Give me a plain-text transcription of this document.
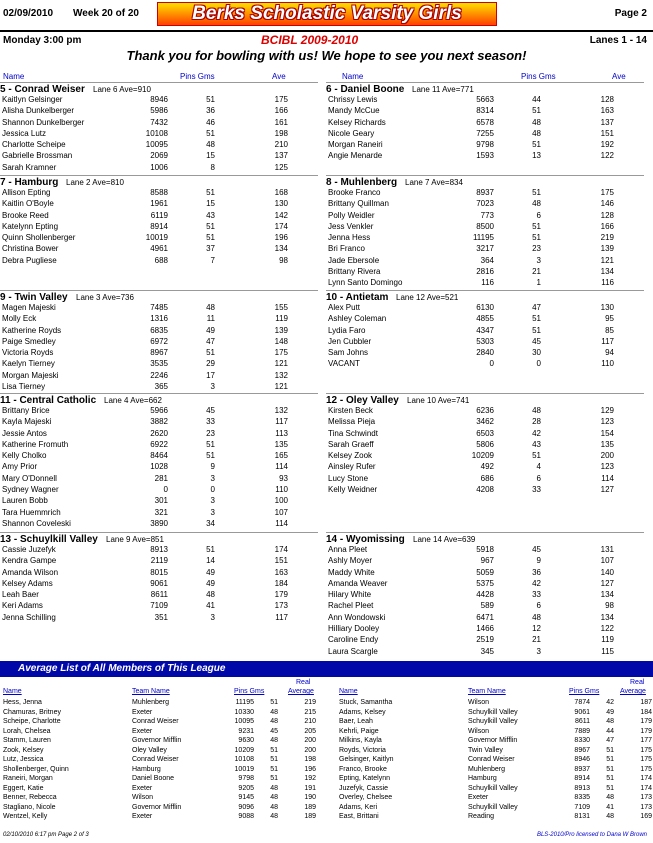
02/09/2010 Week 20 of 20	Berks Scholastic Varsity Girls	Page 2
Monday 3:00 pm	BCIBL 2009-2010	Lanes 1 - 14
Thank you for bowling with us! We hope to see you next season!
Name	Pins Gms	Ave	Name	Pins Gms	Ave
5 - Conrad Weiser Lane 6 Ave=910
Kaitlyn Gelsinger	8946	51	175
Alisha Dunkelberger	5986	36	166
Shannon Dunkelberger	7432	46	161
Jessica Lutz	10108	51	198
Charlotte Scheipe	10095	48	210
Gabrielle Brossman	2069	15	137
Sarah Kramner	1006	8	125
7 - Hamburg Lane 2 Ave=810
Allison Epting	8588	51	168
Kaitlin O'Boyle	1961	15	130
Brooke Reed	6119	43	142
Katelynn Epting	8914	51	174
Quinn Shollenberger	10019	51	196
Christina Bower	4961	37	134
Debra Pugliese	688	7	98
9 - Twin Valley Lane 3 Ave=736
Magen Majeski	7485	48	155
Molly Eck	1316	11	119
Katherine Royds	6835	49	139
Paige Smedley	6972	47	148
Victoria Royds	8967	51	175
Kaelyn Tierney	3535	29	121
Morgan Majeski	2246	17	132
Lisa Tierney	365	3	121
11 - Central Catholic Lane 4 Ave=662
Brittany Brice	5966	45	132
Kayla Majeski	3882	33	117
Jessie Antos	2620	23	113
Katherine Fromuth	6922	51	135
Kelly Cholko	8464	51	165
Amy Prior	1028	9	114
Mary O'Donnell	281	3	93
Sydney Wagner	0	0	110
Lauren Bobb	301	3	100
Tara Huemmrich	321	3	107
Shannon Coveleski	3890	34	114
13 - Schuylkill Valley Lane 9 Ave=851
Cassie Juzefyk	8913	51	174
Kendra Gampe	2119	14	151
Amanda Wilson	8015	49	163
Kelsey Adams	9061	49	184
Leah Baer	8611	48	179
Keri Adams	7109	41	173
Jenna Schilling	351	3	117
6 - Daniel Boone Lane 11 Ave=771
Chrissy Lewis	5663	44	128
Mandy McCue	8314	51	163
Kelsey Richards	6578	48	137
Nicole Geary	7255	48	151
Morgan Raneiri	9798	51	192
Angie Menarde	1593	13	122
8 - Muhlenberg Lane 7 Ave=834
Brooke Franco	8937	51	175
Brittany Quillman	7023	48	146
Polly Weidler	773	6	128
Jess Venkler	8500	51	166
Jenna Hess	11195	51	219
Bri Franco	3217	23	139
Jade Ebersole	364	3	121
Brittany Rivera	2816	21	134
Lynn Santo Domingo	116	1	116
10 - Antietam Lane 12 Ave=521
Alex Putt	6130	47	130
Ashley Coleman	4855	51	95
Lydia Faro	4347	51	85
Jen Cubbler	5303	45	117
Sam Johns	2840	30	94
VACANT	0	0	110
12 - Oley Valley Lane 10 Ave=741
Kirsten Beck	6236	48	129
Melissa Pieja	3462	28	123
Tina Schwindt	6503	42	154
Sarah Graeff	5806	43	135
Kelsey Zook	10209	51	200
Ainsley Rufer	492	4	123
Lucy Stone	686	6	114
Kelly Weidner	4208	33	127
14 - Wyomissing Lane 14 Ave=639
Anna Pleet	5918	45	131
Ashly Moyer	967	9	107
Maddy White	5059	36	140
Amanda Weaver	5375	42	127
Hilary White	4428	33	134
Rachel Pleet	589	6	98
Ann Wondowski	6471	48	134
Hilliary Dooley	1466	12	122
Caroline Endy	2519	21	119
Laura Scargle	345	3	115
Average List of All Members of This League
Name	Team Name	Pins Gms
Real
Average	Name	Team Name	Pins Gms
Real
Average
Hess, Jenna	Muhlenberg	11195 51	219
Chamuras, Britney	Exeter	10330 48	215
Scheipe, Charlotte	Conrad Weiser	10095 48	210
Lorah, Chelsea	Exeter	9231 45	205
Stamm, Lauren	Governor Mifflin	9630 48	200
Zook, Kelsey	Oley Valley	10209 51	200
Lutz, Jessica	Conrad Weiser	10108 51	198
Shollenberger, Quinn	Hamburg	10019 51	196
Raneiri, Morgan	Daniel Boone	9798 51	192
Eggert, Katie	Exeter	9205 48	191
Benner, Rebecca	Wilson	9145 48	190
Stagliano, Nicole	Governor Mifflin	9096 48	189
Wentzel, Kelly	Exeter	9088 48	189
Stuck, Samantha	Wilson	7874 42	187
Adams, Kelsey	Schuylkill Valley	9061 49	184
Baer, Leah	Schuylkill Valley	8611 48	179
Kehrli, Paige	Wilson	7889 44	179
Milkins, Kayla	Governor Mifflin	8330 47	177
Royds, Victoria	Twin Valley	8967 51	175
Gelsinger, Kaitlyn	Conrad Weiser	8946 51	175
Franco, Brooke	Muhlenberg	8937 51	175
Epting, Katelynn	Hamburg	8914 51	174
Juzefyk, Cassie	Schuylkill Valley	8913 51	174
Overley, Chelsee	Exeter	8335 48	173
Adams, Keri	Schuylkill Valley	7109 41	173
East, Brittani	Reading	8131 48	169
02/10/2010 6:17 pm Page 2 of 3	BLS-2010/Pro licensed to Dana W Brown
